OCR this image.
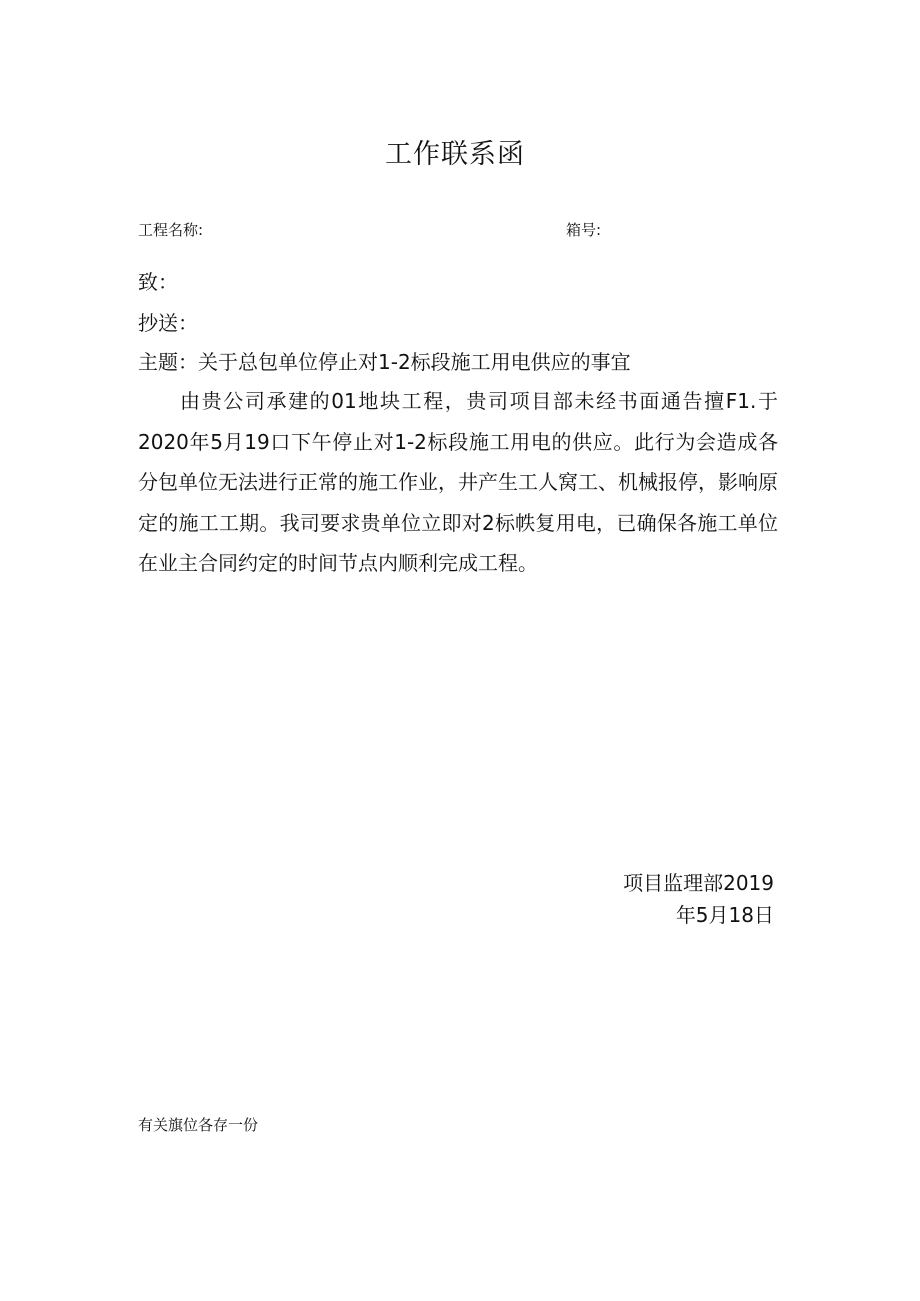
工作联系函
工程名称:	箱号:
致：
抄送：
主题：关于总包单位停止对1-2标段施工用电供应的事宜
由贵公司承建的01地块工程，贵司项目部未经书面通告擅F1.于2020年5月19口下午停止对1-2标段施工用电的供应。此行为会造成各分包单位无法进行正常的施工作业，井产生工人窝工、机械报停，影响原定的施工工期。我司要求贵单位立即对2标帙复用电，已确保各施工单位在业主合同约定的时间节点内顺利完成工程。
项目监理部2019
年5月18日
有关旗位各存一份
